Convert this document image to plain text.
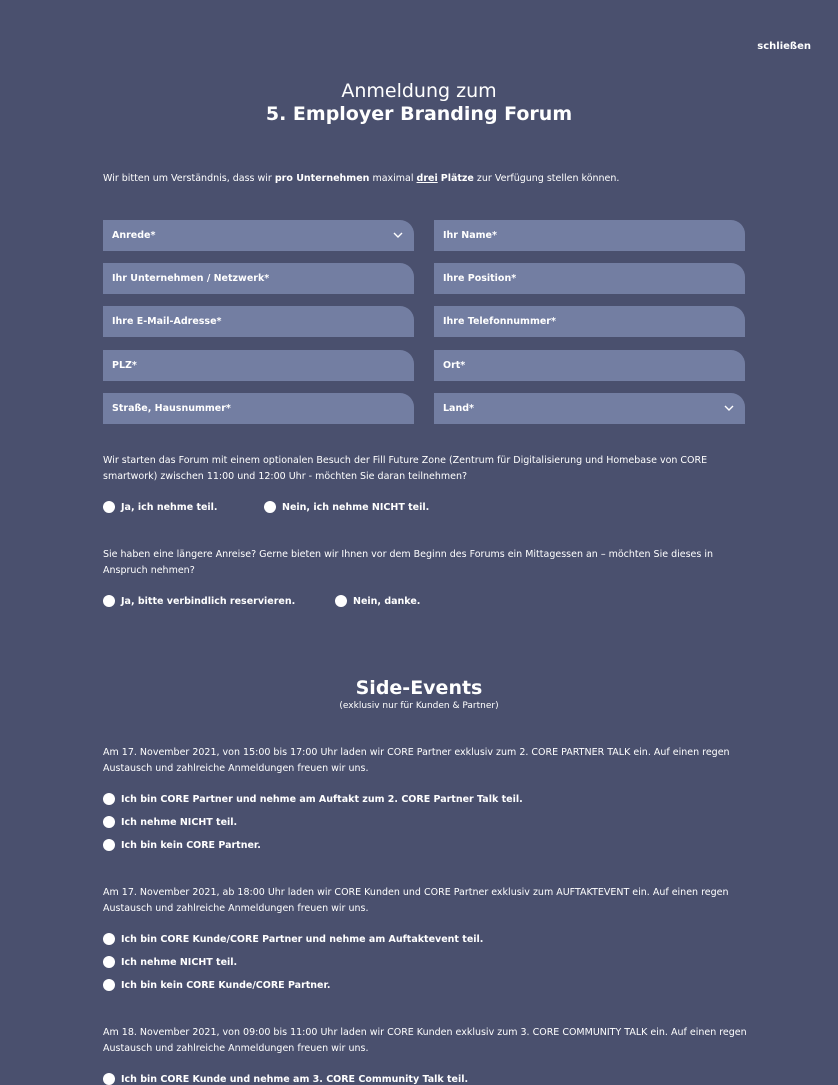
schließen
Anmeldung zum
5. Employer Branding Forum
Wir bitten um Verständnis, dass wir pro Unternehmen maximal drei Plätze zur Verfügung stellen können.
Anrede*	Ihr Name*
Ihr Unternehmen / Netzwerk*	Ihre Position*
Ihre E-Mail-Adresse*	Ihre Telefonnummer*
PLZ*	Ort*
Straße, Hausnummer*	Land*
Wir starten das Forum mit einem optionalen Besuch der Fill Future Zone (Zentrum für Digitalisierung und Homebase von CORE smartwork) zwischen 11:00 und 12:00 Uhr - möchten Sie daran teilnehmen?
Ja, ich nehme teil.	Nein, ich nehme NICHT teil.
Sie haben eine längere Anreise? Gerne bieten wir Ihnen vor dem Beginn des Forums ein Mittagessen an – möchten Sie dieses in Anspruch nehmen?
Ja, bitte verbindlich reservieren.	Nein, danke.
Side-Events
(exklusiv nur für Kunden & Partner)
Am 17. November 2021, von 15:00 bis 17:00 Uhr laden wir CORE Partner exklusiv zum 2. CORE PARTNER TALK ein. Auf einen regen Austausch und zahlreiche Anmeldungen freuen wir uns.
Ich bin CORE Partner und nehme am Auftakt zum 2. CORE Partner Talk teil.
Ich nehme NICHT teil.
Ich bin kein CORE Partner.
Am 17. November 2021, ab 18:00 Uhr laden wir CORE Kunden und CORE Partner exklusiv zum AUFTAKTEVENT ein. Auf einen regen Austausch und zahlreiche Anmeldungen freuen wir uns.
Ich bin CORE Kunde/CORE Partner und nehme am Auftaktevent teil.
Ich nehme NICHT teil.
Ich bin kein CORE Kunde/CORE Partner.
Am 18. November 2021, von 09:00 bis 11:00 Uhr laden wir CORE Kunden exklusiv zum 3. CORE COMMUNITY TALK ein. Auf einen regen Austausch und zahlreiche Anmeldungen freuen wir uns.
Ich bin CORE Kunde und nehme am 3. CORE Community Talk teil.
